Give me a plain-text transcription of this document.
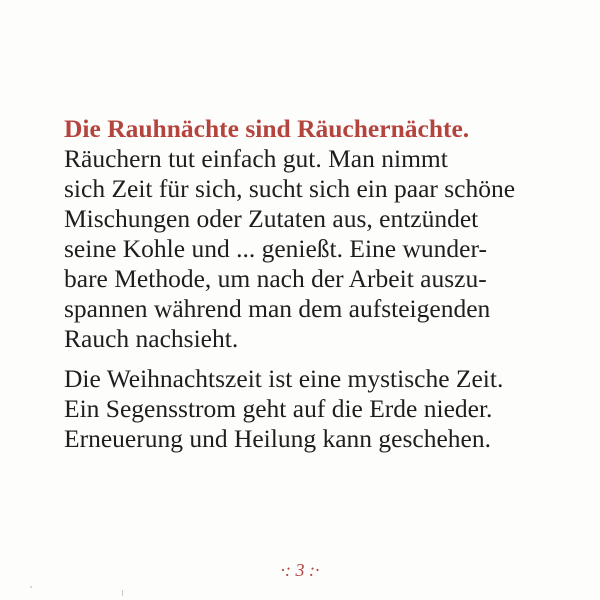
Die Rauhnächte sind Räuchernächte.

Räuchern tut einfach gut. Man nimmt
sich Zeit für sich, sucht sich ein paar schöne
Mischungen oder Zutaten aus, entzündet
seine Kohle und ... genießt. Eine wunder-
bare Methode, um nach der Arbeit auszu-
spannen während man dem aufsteigenden
Rauch nachsieht.

Die Weihnachtszeit ist eine mystische Zeit.
Ein Segensstrom geht auf die Erde nieder.
Erneuerung und Heilung kann geschehen.

·: 3 :·
